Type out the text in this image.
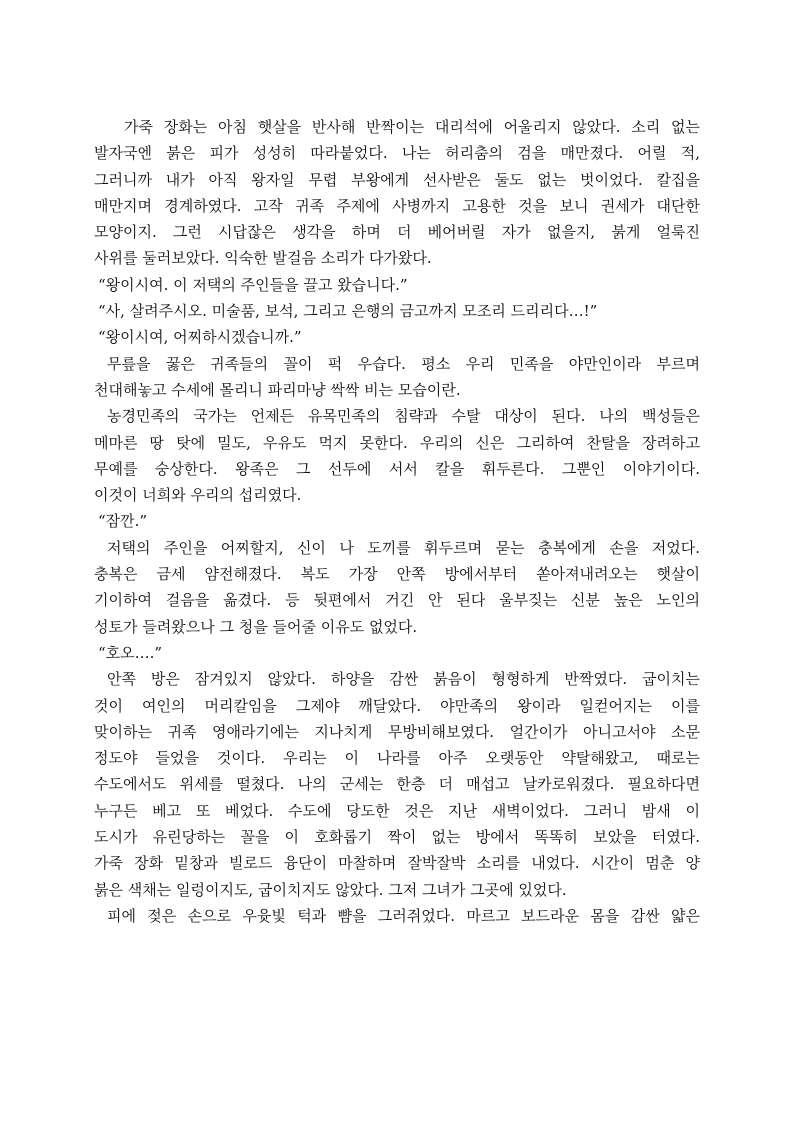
가죽 장화는 아침 햇살을 반사해 반짝이는 대리석에 어울리지 않았다. 소리 없는
발자국엔 붉은 피가 성성히 따라붙었다. 나는 허리춤의 검을 매만졌다. 어릴 적,
그러니까 내가 아직 왕자일 무렵 부왕에게 선사받은 둘도 없는 벗이었다. 칼집을
매만지며 경계하였다. 고작 귀족 주제에 사병까지 고용한 것을 보니 권세가 대단한
모양이지. 그런 시답잖은 생각을 하며 더 베어버릴 자가 없을지, 붉게 얼룩진
사위를 둘러보았다. 익숙한 발걸음 소리가 다가왔다.
“왕이시여. 이 저택의 주인들을 끌고 왔습니다.”
“사, 살려주시오. 미술품, 보석, 그리고 은행의 금고까지 모조리 드리리다…!”
“왕이시여, 어찌하시겠습니까.”
무릎을 꿇은 귀족들의 꼴이 퍽 우습다. 평소 우리 민족을 야만인이라 부르며
천대해놓고 수세에 몰리니 파리마냥 싹싹 비는 모습이란.
농경민족의 국가는 언제든 유목민족의 침략과 수탈 대상이 된다. 나의 백성들은
메마른 땅 탓에 밀도, 우유도 먹지 못한다. 우리의 신은 그리하여 찬탈을 장려하고
무예를 숭상한다. 왕족은 그 선두에 서서 칼을 휘두른다. 그뿐인 이야기이다.
이것이 너희와 우리의 섭리였다.
“잠깐.”
저택의 주인을 어찌할지, 신이 나 도끼를 휘두르며 묻는 충복에게 손을 저었다.
충복은 금세 얌전해졌다. 복도 가장 안쪽 방에서부터 쏟아져내려오는 햇살이
기이하여 걸음을 옮겼다. 등 뒷편에서 거긴 안 된다 울부짖는 신분 높은 노인의
성토가 들려왔으나 그 청을 들어줄 이유도 없었다.
“호오….”
안쪽 방은 잠겨있지 않았다. 하양을 감싼 붉음이 형형하게 반짝였다. 굽이치는
것이 여인의 머리칼임을 그제야 깨달았다. 야만족의 왕이라 일컫어지는 이를
맞이하는 귀족 영애라기에는 지나치게 무방비해보였다. 얼간이가 아니고서야 소문
정도야 들었을 것이다. 우리는 이 나라를 아주 오랫동안 약탈해왔고, 때로는
수도에서도 위세를 떨쳤다. 나의 군세는 한층 더 매섭고 날카로워졌다. 필요하다면
누구든 베고 또 베었다. 수도에 당도한 것은 지난 새벽이었다. 그러니 밤새 이
도시가 유린당하는 꼴을 이 호화롭기 짝이 없는 방에서 똑똑히 보았을 터였다.
가죽 장화 밑창과 빌로드 융단이 마찰하며 잘박잘박 소리를 내었다. 시간이 멈춘 양
붉은 색채는 일렁이지도, 굽이치지도 않았다. 그저 그녀가 그곳에 있었다.
피에 젖은 손으로 우윳빛 턱과 뺨을 그러쥐었다. 마르고 보드라운 몸을 감싼 얇은
